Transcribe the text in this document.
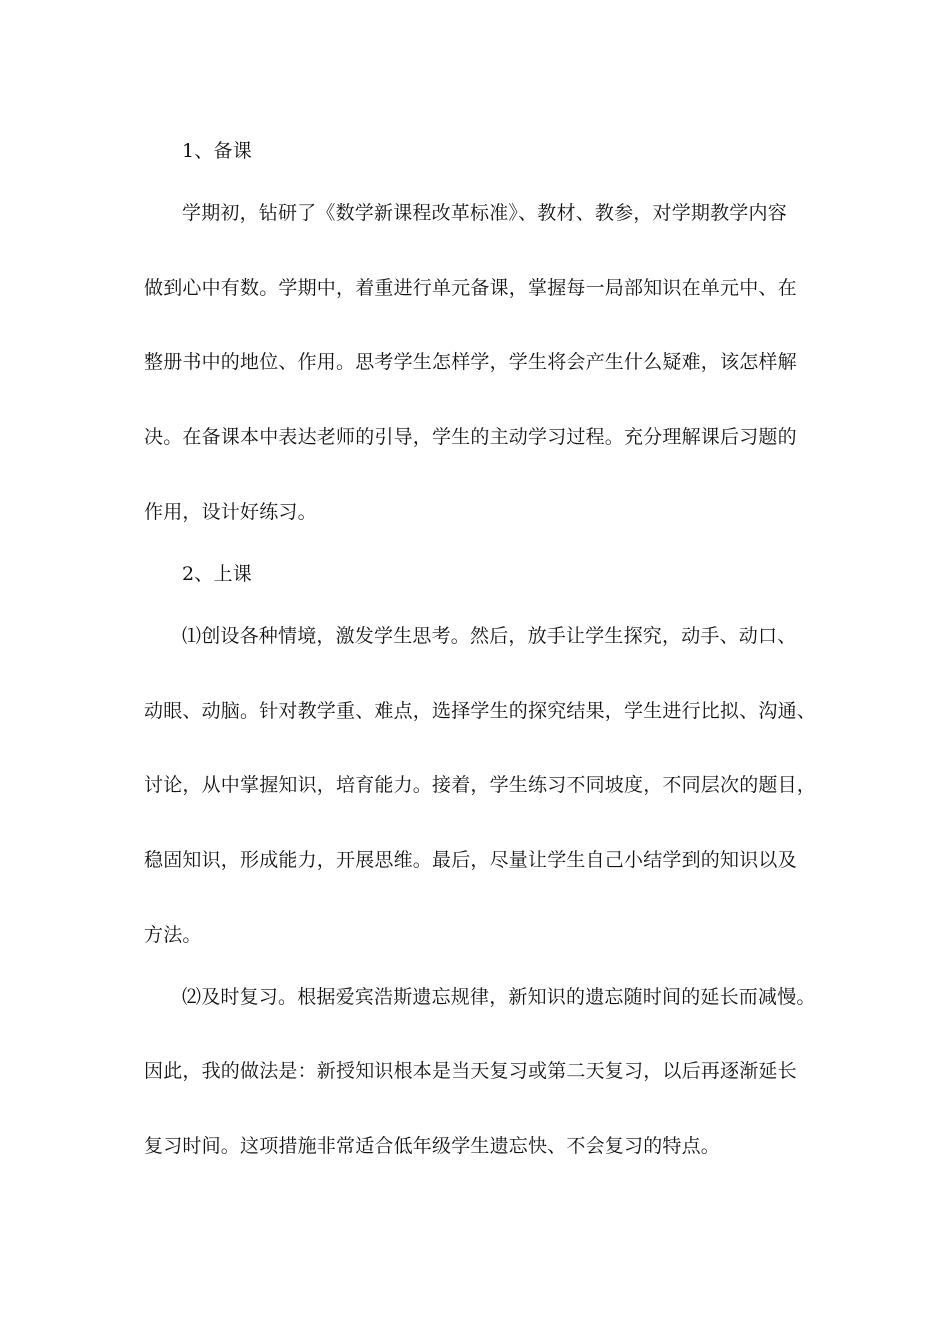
1、备课
学期初，钻研了《数学新课程改革标准》、教材、教参，对学期教学内容
做到心中有数。学期中，着重进行单元备课，掌握每一局部知识在单元中、在
整册书中的地位、作用。思考学生怎样学，学生将会产生什么疑难，该怎样解
决。在备课本中表达老师的引导，学生的主动学习过程。充分理解课后习题的
作用，设计好练习。
2、上课
⑴创设各种情境，激发学生思考。然后，放手让学生探究，动手、动口、
动眼、动脑。针对教学重、难点，选择学生的探究结果，学生进行比拟、沟通、
讨论，从中掌握知识，培育能力。接着，学生练习不同坡度，不同层次的题目，
稳固知识，形成能力，开展思维。最后，尽量让学生自己小结学到的知识以及
方法。
⑵及时复习。根据爱宾浩斯遗忘规律，新知识的遗忘随时间的延长而减慢。
因此，我的做法是：新授知识根本是当天复习或第二天复习，以后再逐渐延长
复习时间。这项措施非常适合低年级学生遗忘快、不会复习的特点。
